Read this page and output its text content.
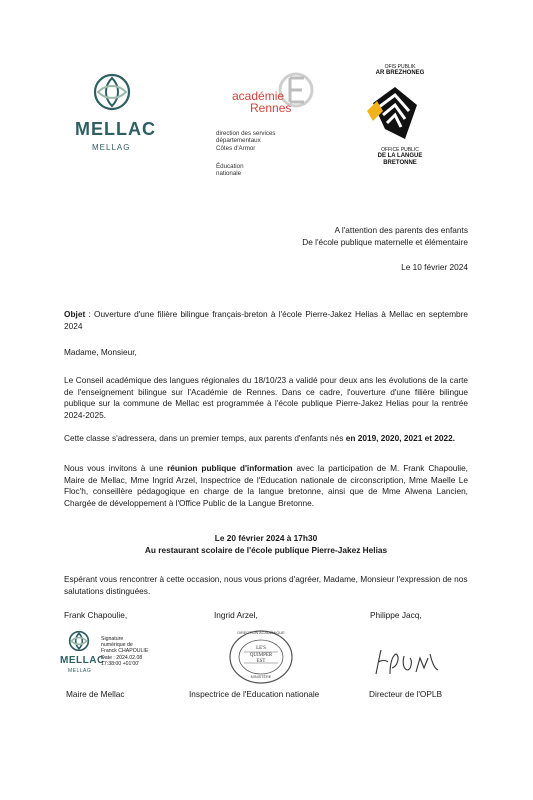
MELLAC
MELLAG
académie
Rennes
direction des services
départementaux
Côtes d'Armor
Éducation
nationale
OFIS PUBLIK
AR BREZHONEG
OFFICE PUBLIC
DE LA LANGUE
BRETONNE
A l'attention des parents des enfants
De l'école publique maternelle et élémentaire
Le 10 février 2024
Objet : Ouverture d'une filière bilingue français-breton à l'école Pierre-Jakez Helias à Mellac en septembre 2024
Madame, Monsieur,
Le Conseil académique des langues régionales du 18/10/23 a validé pour deux ans les évolutions de la carte de l'enseignement bilingue sur l'Académie de Rennes. Dans ce cadre, l'ouverture d'une filière bilingue publique sur la commune de Mellac est programmée à l'école publique Pierre-Jakez Helias pour la rentrée 2024-2025.
Cette classe s'adressera, dans un premier temps, aux parents d'enfants nés en 2019, 2020, 2021 et 2022.
Nous vous invitons à une réunion publique d'information avec la participation de M. Frank Chapoulie, Maire de Mellac, Mme Ingrid Arzel, Inspectrice de l'Education nationale de circonscription, Mme Maelle Le Floc'h, conseillère pédagogique en charge de la langue bretonne, ainsi que de Mme Alwena Lancien, Chargée de développement à l'Office Public de la Langue Bretonne.
Le 20 février 2024 à 17h30
Au restaurant scolaire de l'école publique Pierre-Jakez Helias
Espérant vous rencontrer à cette occasion, nous vous prions d'agréer, Madame, Monsieur l'expression de nos salutations distinguées.
Frank Chapoulie,	Ingrid Arzel,	Philippe Jacq,
MELLAC
MELLAG
Signature
numérique de
Franck CHAPOULIE
Date : 2024.02.08
17:38:00 +01'00'
DIRECTION ACADÉMIQUE
LE'S
QUIMPER
EST
MINISTÈRE
Maire de Mellac	Inspectrice de l'Education nationale	Directeur de l'OPLB
